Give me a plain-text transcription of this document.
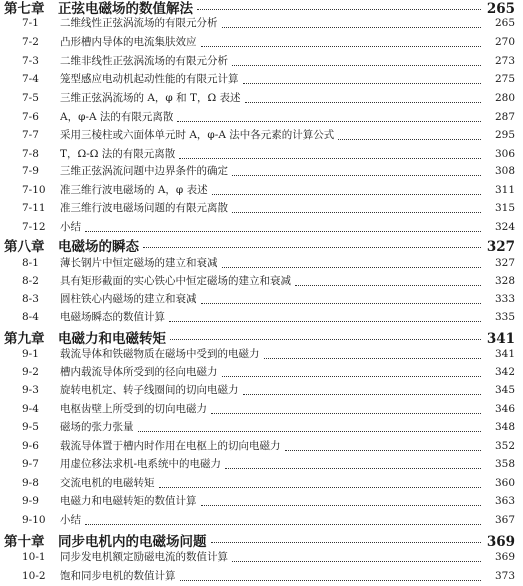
第七章	正弦电磁场的数值解法	265
7-1	二维线性正弦涡流场的有限元分析	265
7-2	凸形槽内导体的电流集肤效应	270
7-3	二维非线性正弦涡流场的有限元分析	273
7-4	笼型感应电动机起动性能的有限元计算	275
7-5	三维正弦涡流场的 A，φ 和 T，Ω 表述	280
7-6	A，φ-A 法的有限元离散	287
7-7	采用三棱柱或六面体单元时 A，φ-A 法中各元素的计算公式	295
7-8	T，Ω-Ω 法的有限元离散	306
7-9	三维正弦涡流问题中边界条件的确定	308
7-10	准三维行波电磁场的 A，φ 表述	311
7-11	准三维行波电磁场问题的有限元离散	315
7-12	小结	324
第八章	电磁场的瞬态	327
8-1	薄长钢片中恒定磁场的建立和衰减	327
8-2	具有矩形截面的实心铁心中恒定磁场的建立和衰减	328
8-3	圆柱铁心内磁场的建立和衰减	333
8-4	电磁场瞬态的数值计算	335
第九章	电磁力和电磁转矩	341
9-1	载流导体和铁磁物质在磁场中受到的电磁力	341
9-2	槽内载流导体所受到的径向电磁力	342
9-3	旋转电机定、转子线圈间的切向电磁力	345
9-4	电枢齿壁上所受到的切向电磁力	346
9-5	磁场的张力张量	348
9-6	载流导体置于槽内时作用在电枢上的切向电磁力	352
9-7	用虚位移法求机-电系统中的电磁力	358
9-8	交流电机的电磁转矩	360
9-9	电磁力和电磁转矩的数值计算	363
9-10	小结	367
第十章	同步电机内的电磁场问题	369
10-1	同步发电机额定励磁电流的数值计算	369
10-2	饱和同步电机的数值计算	373
